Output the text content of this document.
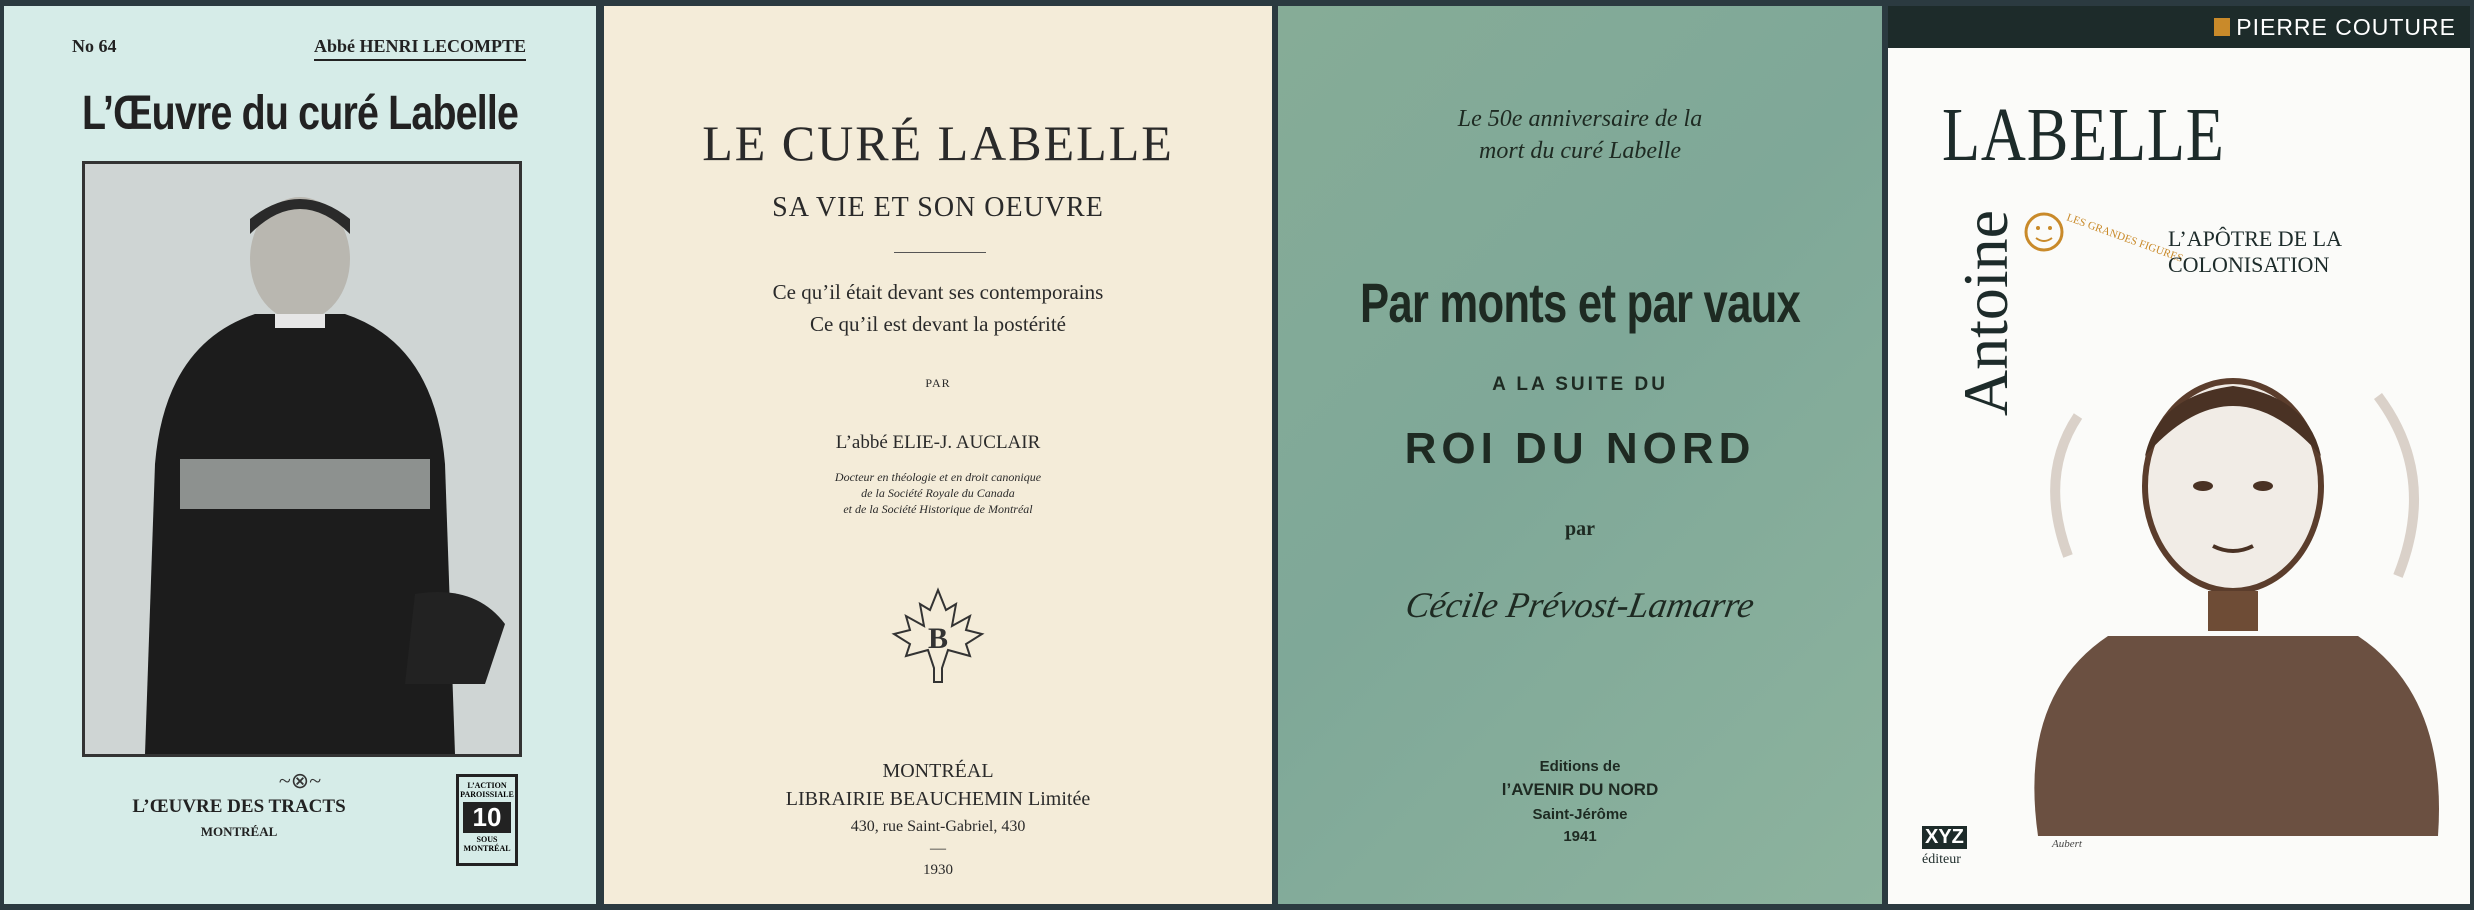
No 64	Abbé HENRI LECOMPTE
L’Œuvre du curé Labelle
~⊗~
L’ŒUVRE DES TRACTS
MONTRÉAL
L’ACTION PAROISSIALE
10
SOUS MONTRÉAL
LE CURÉ LABELLE
SA VIE ET SON OEUVRE
Ce qu’il était devant ses contemporains
Ce qu’il est devant la postérité
PAR
L’abbé ELIE-J. AUCLAIR
Docteur en théologie et en droit canonique
de la Société Royale du Canada
et de la Société Historique de Montréal
B
MONTRÉAL
LIBRAIRIE BEAUCHEMIN Limitée
430, rue Saint-Gabriel, 430
—
1930
Le 50e anniversaire de la
mort du curé Labelle
Par monts et par vaux
A LA SUITE DU
ROI DU NORD
par
Cécile Prévost-Lamarre
Editions de
l’AVENIR DU NORD
Saint-Jérôme
1941
PIERRE COUTURE
LABELLE
Antoine	LES GRANDES FIGURES
L’APÔTRE DE LA COLONISATION
XYZ
éditeur
Aubert
